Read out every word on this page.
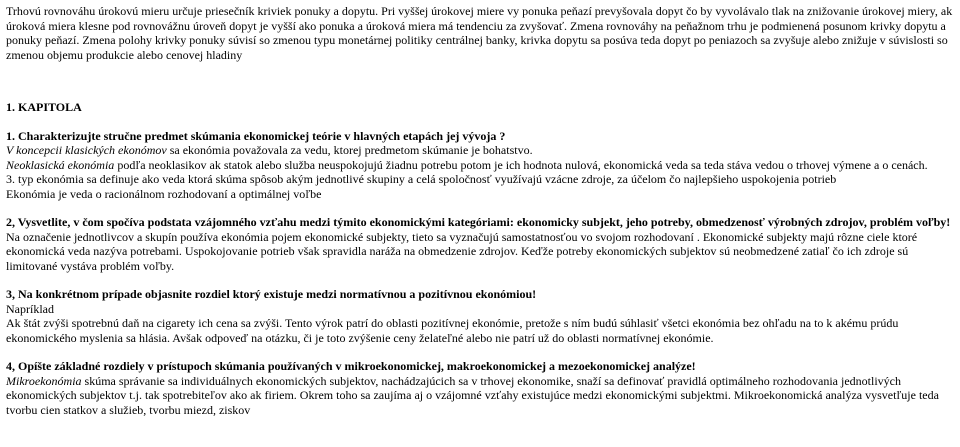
Trhovú rovnováhu úrokovú mieru určuje priesečník kriviek ponuky a dopytu. Pri vyššej úrokovej miere vy ponuka peňazí prevyšovala dopyt čo by vyvolávalo tlak na znižovanie úrokovej miery, ak úroková miera klesne pod rovnovážnu úroveň dopyt je vyšší ako ponuka a úroková miera má tendenciu za zvyšovať. Zmena rovnováhy na peňažnom trhu je podmienená posunom krivky dopytu a ponuky peňazí. Zmena polohy krivky ponuky súvisí so zmenou typu monetárnej politiky centrálnej banky, krivka dopytu sa posúva teda dopyt po peniazoch sa zvyšuje alebo znižuje v súvislosti so zmenou objemu produkcie alebo cenovej hladiny

1. KAPITOLA

1. Charakterizujte stručne predmet skúmania ekonomickej teórie v hlavných etapách jej vývoja ?

V koncepcii klasických ekonómov sa ekonómia považovala za vedu, ktorej predmetom skúmanie je bohatstvo.

Neoklasická ekonómia podľa neoklasikov ak statok alebo služba neuspokojujú žiadnu potrebu potom je ich hodnota nulová, ekonomická veda sa teda stáva vedou o trhovej výmene a o cenách.

3. typ ekonómia sa definuje ako veda ktorá skúma spôsob akým jednotlivé skupiny a celá spoločnosť využívajú vzácne zdroje, za účelom čo najlepšieho uspokojenia potrieb

Ekonómia je veda o racionálnom rozhodovaní a optimálnej voľbe

2, Vysvetlite, v čom spočíva podstata vzájomného vzťahu medzi týmito ekonomickými kategóriami: ekonomicky subjekt, jeho potreby, obmedzenosť výrobných zdrojov, problém voľby!

Na označenie jednotlivcov a skupín používa ekonómia pojem ekonomické subjekty, tieto sa vyznačujú samostatnosťou vo svojom rozhodovaní . Ekonomické subjekty majú rôzne ciele ktoré ekonomická veda nazýva potrebami. Uspokojovanie potrieb však spravidla naráža na obmedzenie zdrojov. Keďže potreby ekonomických subjektov sú neobmedzené zatiaľ čo ich zdroje sú limitované vystáva problém voľby.

3, Na konkrétnom prípade objasnite rozdiel ktorý existuje medzi normatívnou a pozitívnou ekonómiou!

Napríklad

Ak štát zvýši spotrebnú daň na cigarety ich cena sa zvýši. Tento výrok patrí do oblasti pozitívnej ekonómie, pretože s ním budú súhlasiť všetci ekonómia bez ohľadu na to k akému prúdu ekonomického myslenia sa hlásia. Avšak odpoveď na otázku, či je toto zvýšenie ceny želateľné alebo nie patrí už do oblasti normatívnej ekonómie.

4, Opíšte základné rozdiely v prístupoch skúmania používaných v mikroekonomickej, makroekonomickej a mezoekonomickej analýze!

Mikroekonómia skúma správanie sa individuálnych ekonomických subjektov, nachádzajúcich sa v trhovej ekonomike, snaží sa definovať pravidlá optimálneho rozhodovania jednotlivých ekonomických subjektov t.j. tak spotrebiteľov ako ak firiem. Okrem toho sa zaujíma aj o vzájomné vzťahy existujúce medzi ekonomickými subjektmi. Mikroekonomická analýza vysvetľuje teda tvorbu cien statkov a služieb, tvorbu miezd, ziskov
